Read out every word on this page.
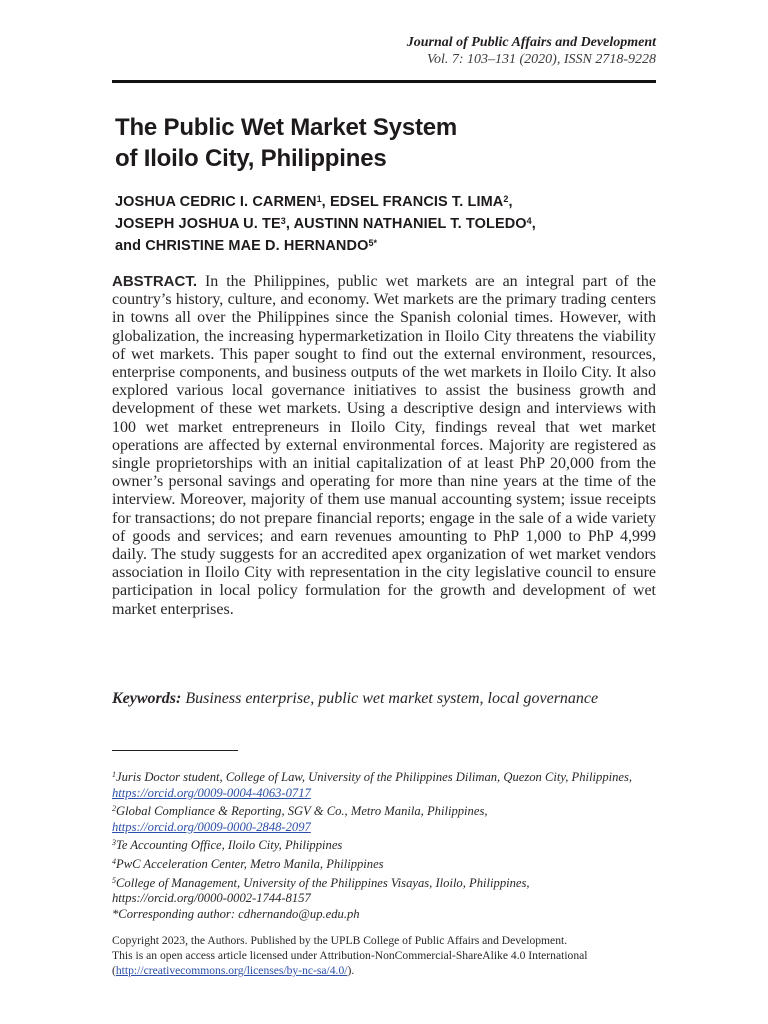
Journal of Public Affairs and Development
Vol. 7: 103–131 (2020), ISSN 2718-9228
The Public Wet Market System
of Iloilo City, Philippines
JOSHUA CEDRIC I. CARMEN$^1$, EDSEL FRANCIS T. LIMA$^2$,
JOSEPH JOSHUA U. $TE^3$, AUSTINN NATHANIEL T. TOLEDO$^4$,
and CHRISTINE MAE D. $HERNANDO^{5*}$
ABSTRACT. In the Philippines, public wet markets are an integral part of the country’s history, culture, and economy. Wet markets are the primary trading centers in towns all over the Philippines since the Spanish colonial times. However, with globalization, the increasing hypermarketization in Iloilo City threatens the viability of wet markets. This paper sought to find out the external environment, resources, enterprise components, and business outputs of the wet markets in Iloilo City. It also explored various local governance initiatives to assist the business growth and development of these wet markets. Using a descriptive design and interviews with 100 wet market entrepreneurs in Iloilo City, findings reveal that wet market operations are affected by external environmental forces. Majority are registered as single proprietorships with an initial capitalization of at least PhP 20,000 from the owner’s personal savings and operating for more than nine years at the time of the interview. Moreover, majority of them use manual accounting system; issue receipts for transactions; do not prepare financial reports; engage in the sale of a wide variety of goods and services; and earn revenues amounting to PhP 1,000 to PhP 4,999 daily. The study suggests for an accredited apex organization of wet market vendors association in Iloilo City with representation in the city legislative council to ensure participation in local policy formulation for the growth and development of wet market enterprises.
Keywords: Business enterprise, public wet market system, local governance
$^1$Juris Doctor student, College of Law, University of the Philippines Diliman, Quezon City, Philippines, https://orcid.org/0009-0004-4063-0717
$^2$Global Compliance & Reporting, SGV & Co., Metro Manila, Philippines,
https://orcid.org/0009-0000-2848-2097
$^3$Te Accounting Office, Iloilo City, Philippines
$^4$PwC Acceleration Center, Metro Manila, Philippines
$^5$College of Management, University of the Philippines Visayas, Iloilo, Philippines,
https://orcid.org/0000-0002-1744-8157
*Corresponding author: cdhernando@up.edu.ph
Copyright 2023, the Authors. Published by the UPLB College of Public Affairs and Development.
This is an open access article licensed under Attribution-NonCommercial-ShareAlike 4.0 International
(http://creativecommons.org/licenses/by-nc-sa/4.0/).
